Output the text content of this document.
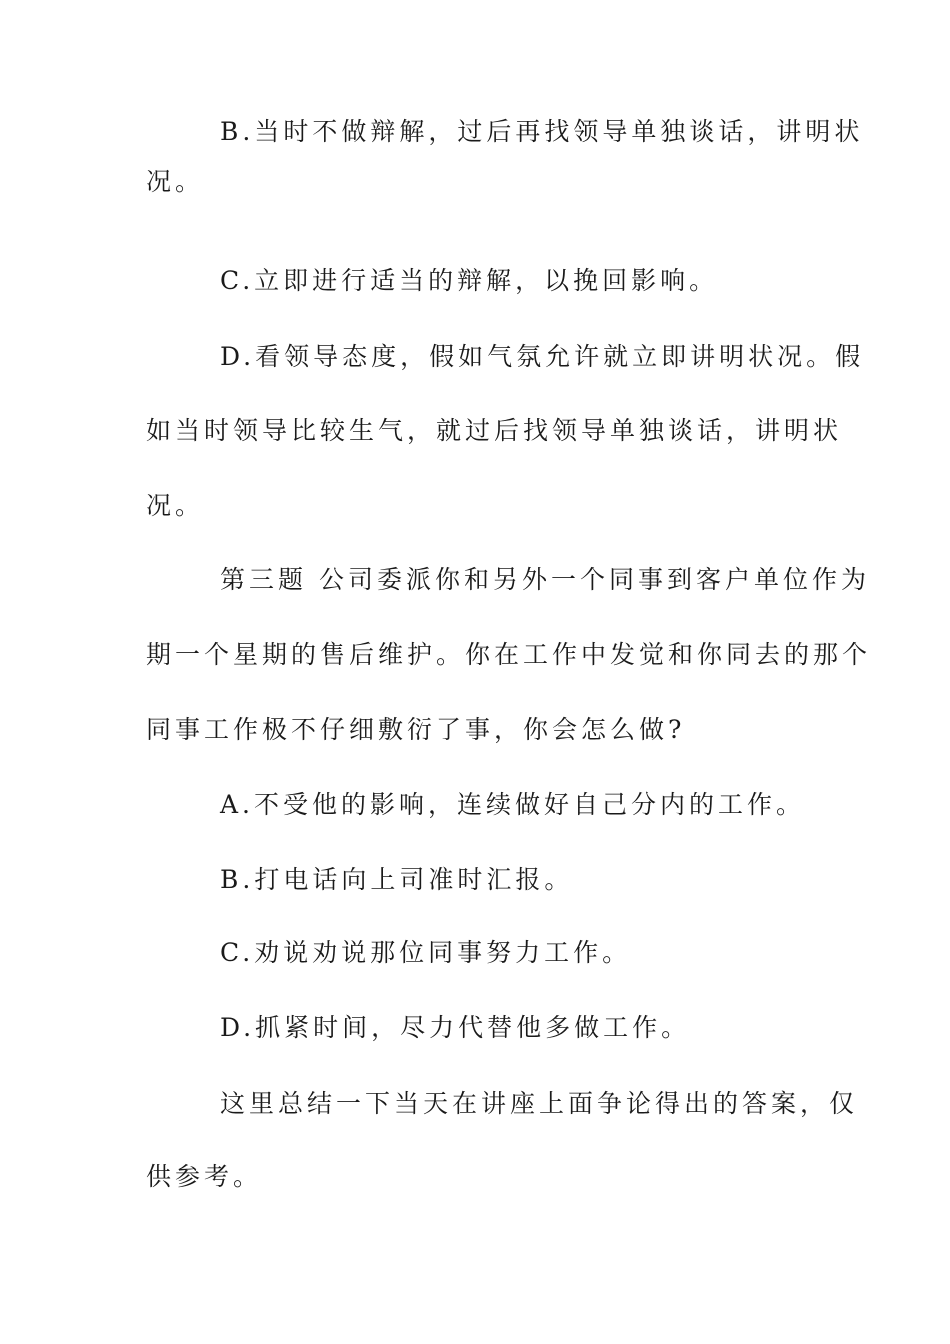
B.当时不做辩解，过后再找领导单独谈话，讲明状
况。
C.立即进行适当的辩解，以挽回影响。
D.看领导态度，假如气氛允许就立即讲明状况。假
如当时领导比较生气，就过后找领导单独谈话，讲明状
况。
第三题 公司委派你和另外一个同事到客户单位作为
期一个星期的售后维护。你在工作中发觉和你同去的那个
同事工作极不仔细敷衍了事，你会怎么做?
A.不受他的影响，连续做好自己分内的工作。
B.打电话向上司准时汇报。
C.劝说劝说那位同事努力工作。
D.抓紧时间，尽力代替他多做工作。
这里总结一下当天在讲座上面争论得出的答案，仅
供参考。
